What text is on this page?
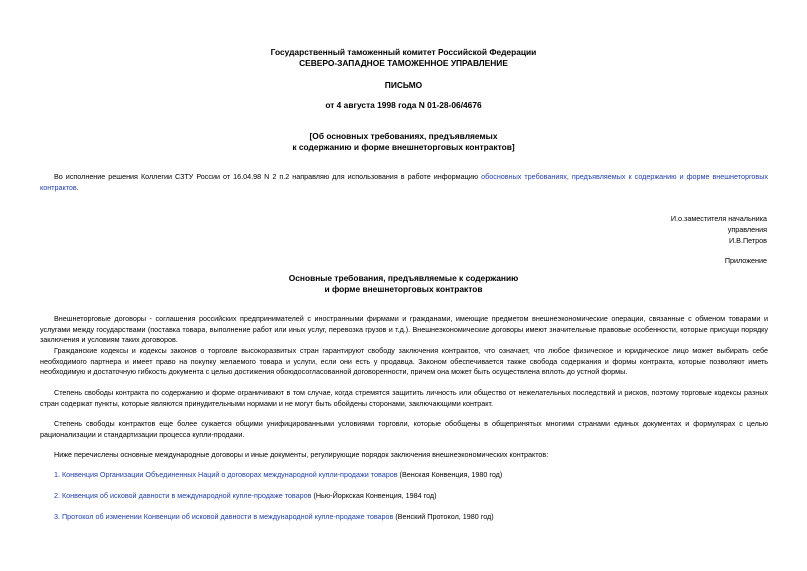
Государственный таможенный комитет Российской Федерации
СЕВЕРО-ЗАПАДНОЕ ТАМОЖЕННОЕ УПРАВЛЕНИЕ
ПИСЬМО
от 4 августа 1998 года N 01-28-06/4676
[Об основных требованиях, предъявляемых
к содержанию и форме внешнеторговых контрактов]
Во исполнение решения Коллегии СЗТУ России от 16.04.98 N 2 п.2 направляю для использования в работе информацию обосновных требованиях, предъявляемых к содержанию и форме внешнеторговых контрактов.
И.о.заместителя начальника
управления
И.В.Петров
Приложение
Основные требования, предъявляемые к содержанию
и форме внешнеторговых контрактов
Внешнеторговые договоры - соглашения российских предпринимателей с иностранными фирмами и гражданами, имеющие предметом внешнеэкономические операции, связанные с обменом товарами и услугами между государствами (поставка товара, выполнение работ или иных услуг, перевозка грузов и т.д.). Внешнеэкономические договоры имеют значительные правовые особенности, которые присущи порядку заключения и условиям таких договоров.
Гражданские кодексы и кодексы законов о торговле высокоразвитых стран гарантируют свободу заключения контрактов, что означает, что любое физическое и юридическое лицо может выбирать себе необходимого партнера и имеет право на покупку желаемого товара и услуги, если они есть у продавца. Законом обеспечивается также свобода содержания и формы контракта, которые позволяют иметь необходимую и достаточную гибкость документа с целью достижения обоюдосогласованной договоренности, причем она может быть осуществлена вплоть до устной формы.
Степень свободы контракта по содержанию и форме ограничивают в том случае, когда стремятся защитить личность или общество от нежелательных последствий и рисков, поэтому торговые кодексы разных стран содержат пункты, которые являются принудительными нормами и не могут быть обойдены сторонами, заключающими контракт.
Степень свободы контрактов еще более сужается общими унифицированными условиями торговли, которые обобщены в общепринятых многими странами единых документах и формулярах с целью рационализации и стандартизации процесса купли-продажи.
Ниже перечислены основные международные договоры и иные документы, регулирующие порядок заключения внешнеэкономических контрактов:
1. Конвенция Организации Объединенных Наций о договорах международной купли-продажи товаров (Венская Конвенция, 1980 год)
2. Конвенция об исковой давности в международной купле-продаже товаров (Нью-Йоркская Конвенция, 1984 год)
3. Протокол об изменении Конвенции об исковой давности в международной купле-продаже товаров (Венский Протокол, 1980 год)
